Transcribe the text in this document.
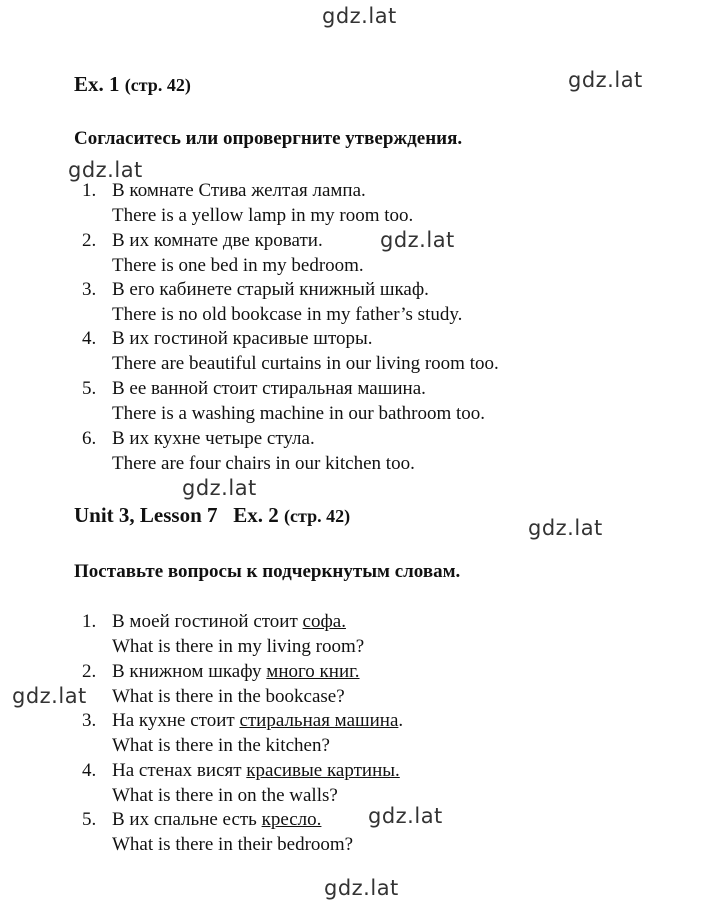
gdz.lat
gdz.lat
gdz.lat
gdz.lat
gdz.lat
gdz.lat
gdz.lat
gdz.lat
gdz.lat
Ex. 1 (стр. 42)
Согласитесь или опровергните утверждения.
1. В комнате Стива желтая лампа.
There is a yellow lamp in my room too.
2. В их комнате две кровати.
There is one bed in my bedroom.
3. В его кабинете старый книжный шкаф.
There is no old bookcase in my father’s study.
4. В их гостиной красивые шторы.
There are beautiful curtains in our living room too.
5. В ее ванной стоит стиральная машина.
There is a washing machine in our bathroom too.
6. В их кухне четыре стула.
There are four chairs in our kitchen too.
Unit 3, Lesson 7   Ex. 2 (стр. 42)
Поставьте вопросы к подчеркнутым словам.
1. В моей гостиной стоит софа.
What is there in my living room?
2. В книжном шкафу много книг.
What is there in the bookcase?
3. На кухне стоит стиральная машина.
What is there in the kitchen?
4. На стенах висят красивые картины.
What is there in on the walls?
5. В их спальне есть кресло.
What is there in their bedroom?
